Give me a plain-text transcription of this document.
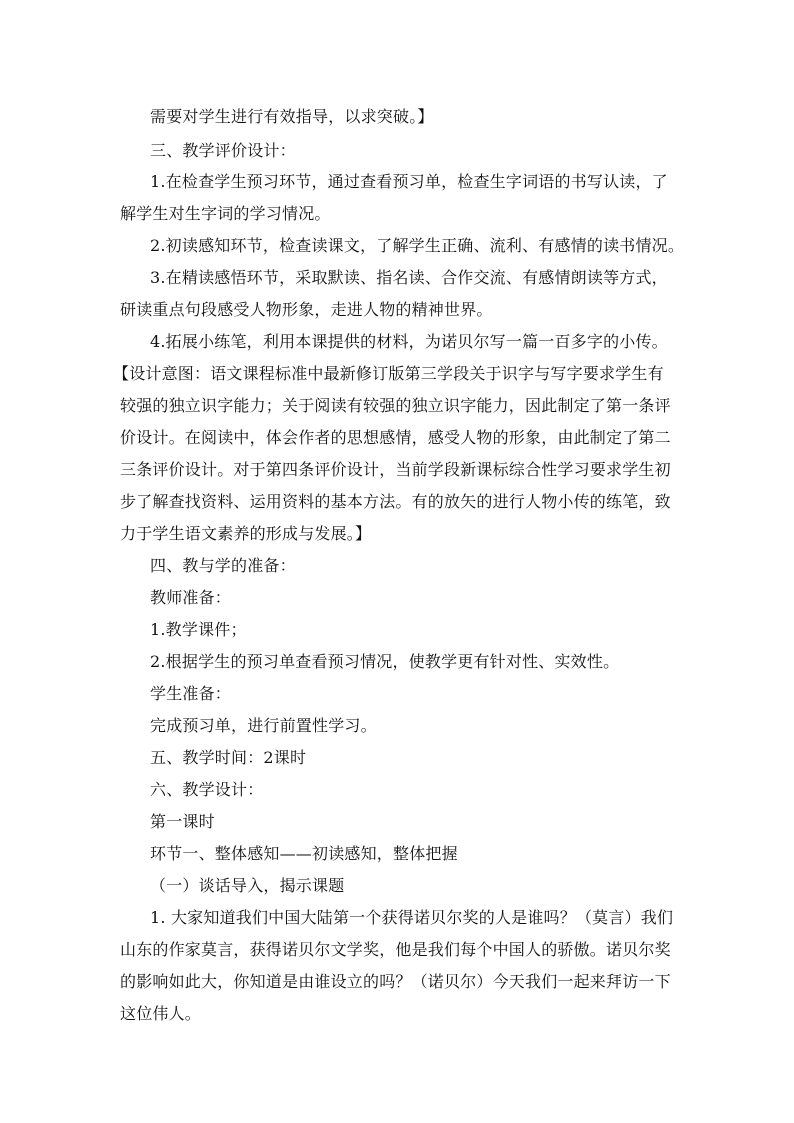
需要对学生进行有效指导，以求突破。】
三、教学评价设计：
1.在检查学生预习环节，通过查看预习单，检查生字词语的书写认读，了
解学生对生字词的学习情况。
2.初读感知环节，检查读课文，了解学生正确、流利、有感情的读书情况。
3.在精读感悟环节，采取默读、指名读、合作交流、有感情朗读等方式，
研读重点句段感受人物形象，走进人物的精神世界。
4.拓展小练笔，利用本课提供的材料，为诺贝尔写一篇一百多字的小传。
【设计意图：语文课程标准中最新修订版第三学段关于识字与写字要求学生有
较强的独立识字能力；关于阅读有较强的独立识字能力，因此制定了第一条评
价设计。在阅读中，体会作者的思想感情，感受人物的形象，由此制定了第二
三条评价设计。对于第四条评价设计，当前学段新课标综合性学习要求学生初
步了解查找资料、运用资料的基本方法。有的放矢的进行人物小传的练笔，致
力于学生语文素养的形成与发展。】
四、教与学的准备：
教师准备：
1.教学课件；
2.根据学生的预习单查看预习情况，使教学更有针对性、实效性。
学生准备：
完成预习单，进行前置性学习。
五、教学时间：2课时
六、教学设计：
第一课时
环节一、整体感知——初读感知，整体把握
（一）谈话导入，揭示课题
1. 大家知道我们中国大陆第一个获得诺贝尔奖的人是谁吗？（莫言）我们
山东的作家莫言，获得诺贝尔文学奖，他是我们每个中国人的骄傲。诺贝尔奖
的影响如此大，你知道是由谁设立的吗？（诺贝尔）今天我们一起来拜访一下
这位伟人。
